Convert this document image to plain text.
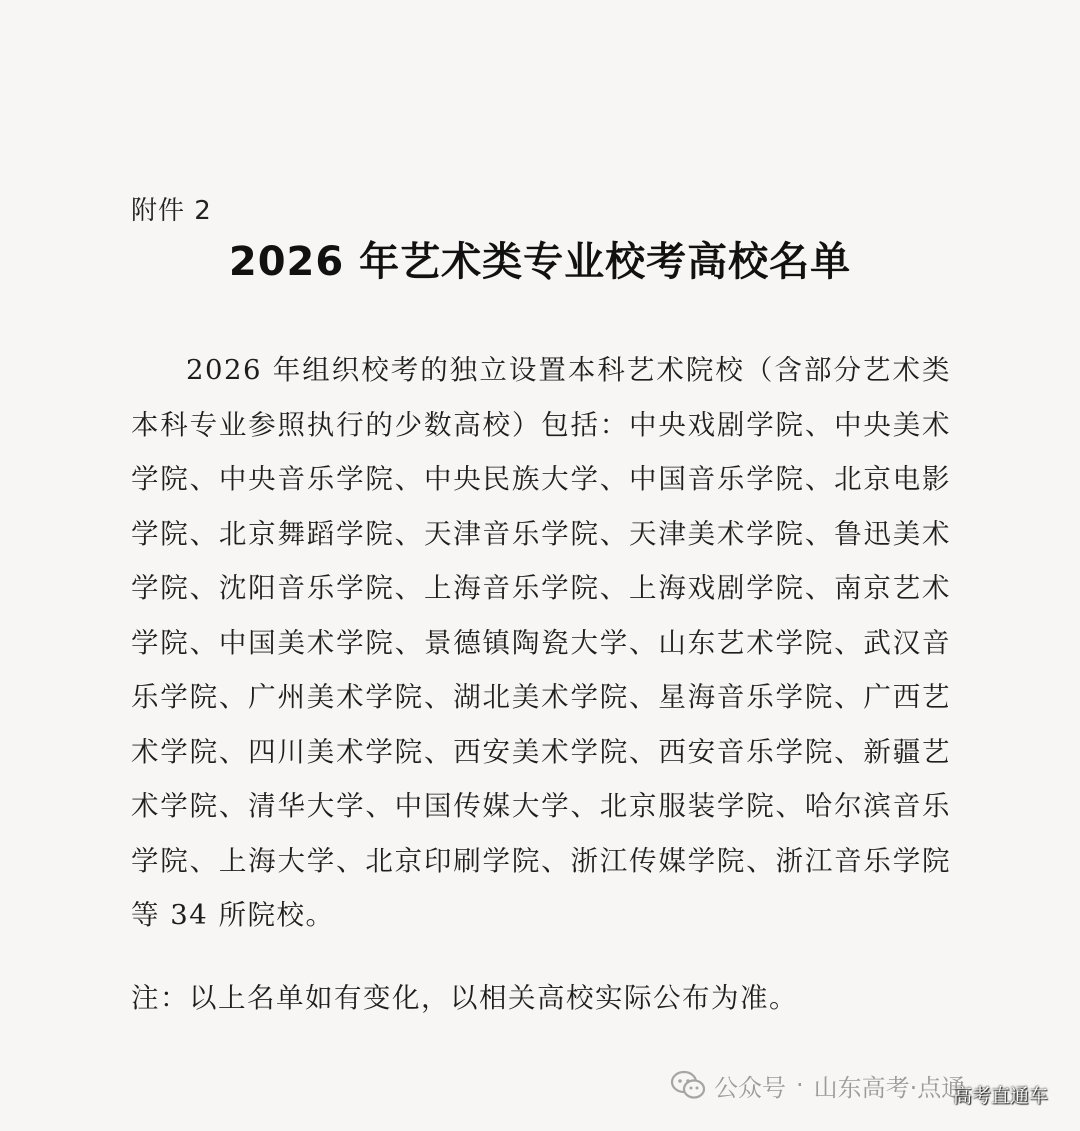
附件 2
2026 年艺术类专业校考高校名单

2026 年组织校考的独立设置本科艺术院校（含部分艺术类本科专业参照执行的少数高校）包括：中央戏剧学院、中央美术学院、中央音乐学院、中央民族大学、中国音乐学院、北京电影学院、北京舞蹈学院、天津音乐学院、天津美术学院、鲁迅美术学院、沈阳音乐学院、上海音乐学院、上海戏剧学院、南京艺术学院、中国美术学院、景德镇陶瓷大学、山东艺术学院、武汉音乐学院、广州美术学院、湖北美术学院、星海音乐学院、广西艺术学院、四川美术学院、西安美术学院、西安音乐学院、新疆艺术学院、清华大学、中国传媒大学、北京服装学院、哈尔滨音乐学院、上海大学、北京印刷学院、浙江传媒学院、浙江音乐学院等 34 所院校。

注：以上名单如有变化，以相关高校实际公布为准。
公众号 · 山东高考·点通
高考直通车
